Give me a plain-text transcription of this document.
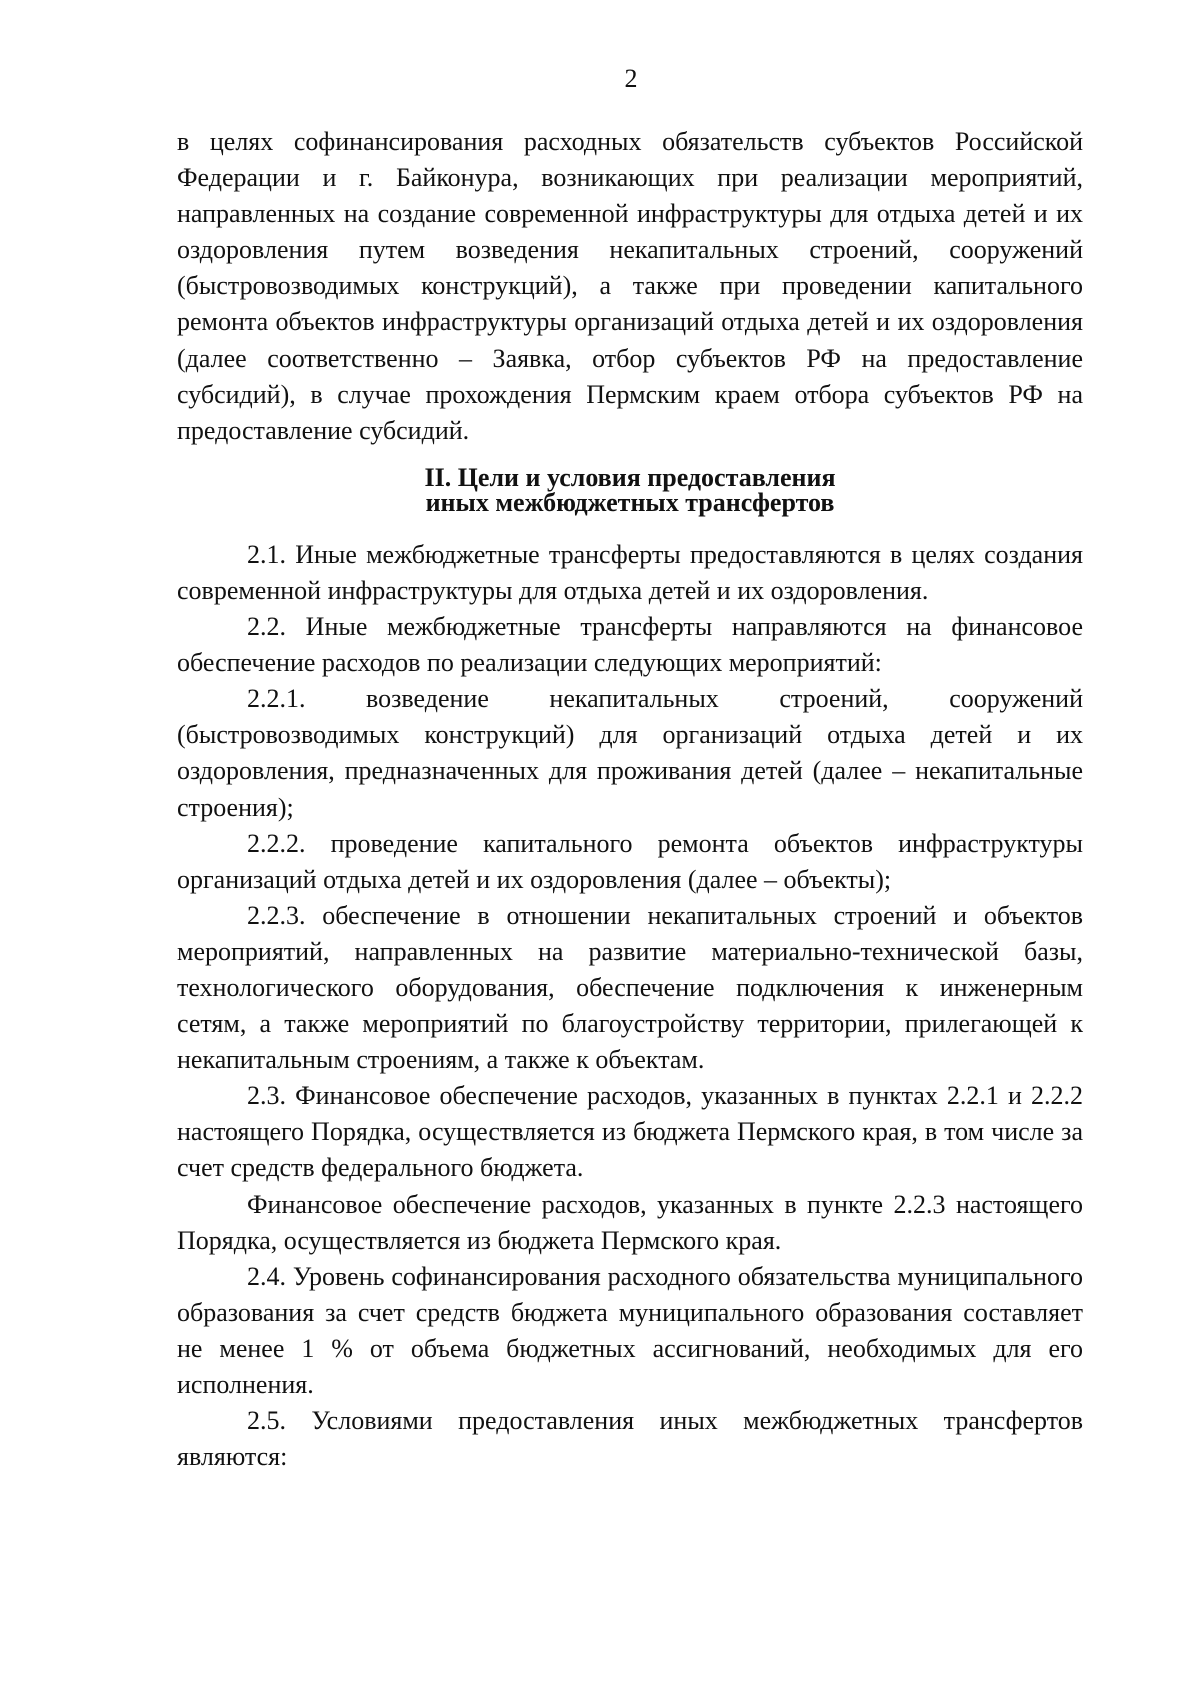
2

в целях софинансирования расходных обязательств субъектов Российской Федерации и г. Байконура, возникающих при реализации мероприятий, направленных на создание современной инфраструктуры для отдыха детей и их оздоровления путем возведения некапитальных строений, сооружений (быстровозводимых конструкций), а также при проведении капитального ремонта объектов инфраструктуры организаций отдыха детей и их оздоровления (далее соответственно – Заявка, отбор субъектов РФ на предоставление субсидий), в случае прохождения Пермским краем отбора субъектов РФ на предоставление субсидий.

II. Цели и условия предоставления
иных межбюджетных трансфертов

2.1. Иные межбюджетные трансферты предоставляются в целях создания современной инфраструктуры для отдыха детей и их оздоровления.

2.2. Иные межбюджетные трансферты направляются на финансовое обеспечение расходов по реализации следующих мероприятий:

2.2.1. возведение некапитальных строений, сооружений (быстровозводимых конструкций) для организаций отдыха детей и их оздоровления, предназначенных для проживания детей (далее – некапитальные строения);

2.2.2. проведение капитального ремонта объектов инфраструктуры организаций отдыха детей и их оздоровления (далее – объекты);

2.2.3. обеспечение в отношении некапитальных строений и объектов мероприятий, направленных на развитие материально-технической базы, технологического оборудования, обеспечение подключения к инженерным сетям, а также мероприятий по благоустройству территории, прилегающей к некапитальным строениям, а также к объектам.

2.3. Финансовое обеспечение расходов, указанных в пунктах 2.2.1 и 2.2.2 настоящего Порядка, осуществляется из бюджета Пермского края, в том числе за счет средств федерального бюджета.

Финансовое обеспечение расходов, указанных в пункте 2.2.3 настоящего Порядка, осуществляется из бюджета Пермского края.

2.4. Уровень софинансирования расходного обязательства муниципального образования за счет средств бюджета муниципального образования составляет не менее 1 % от объема бюджетных ассигнований, необходимых для его исполнения.

2.5. Условиями предоставления иных межбюджетных трансфертов являются:
